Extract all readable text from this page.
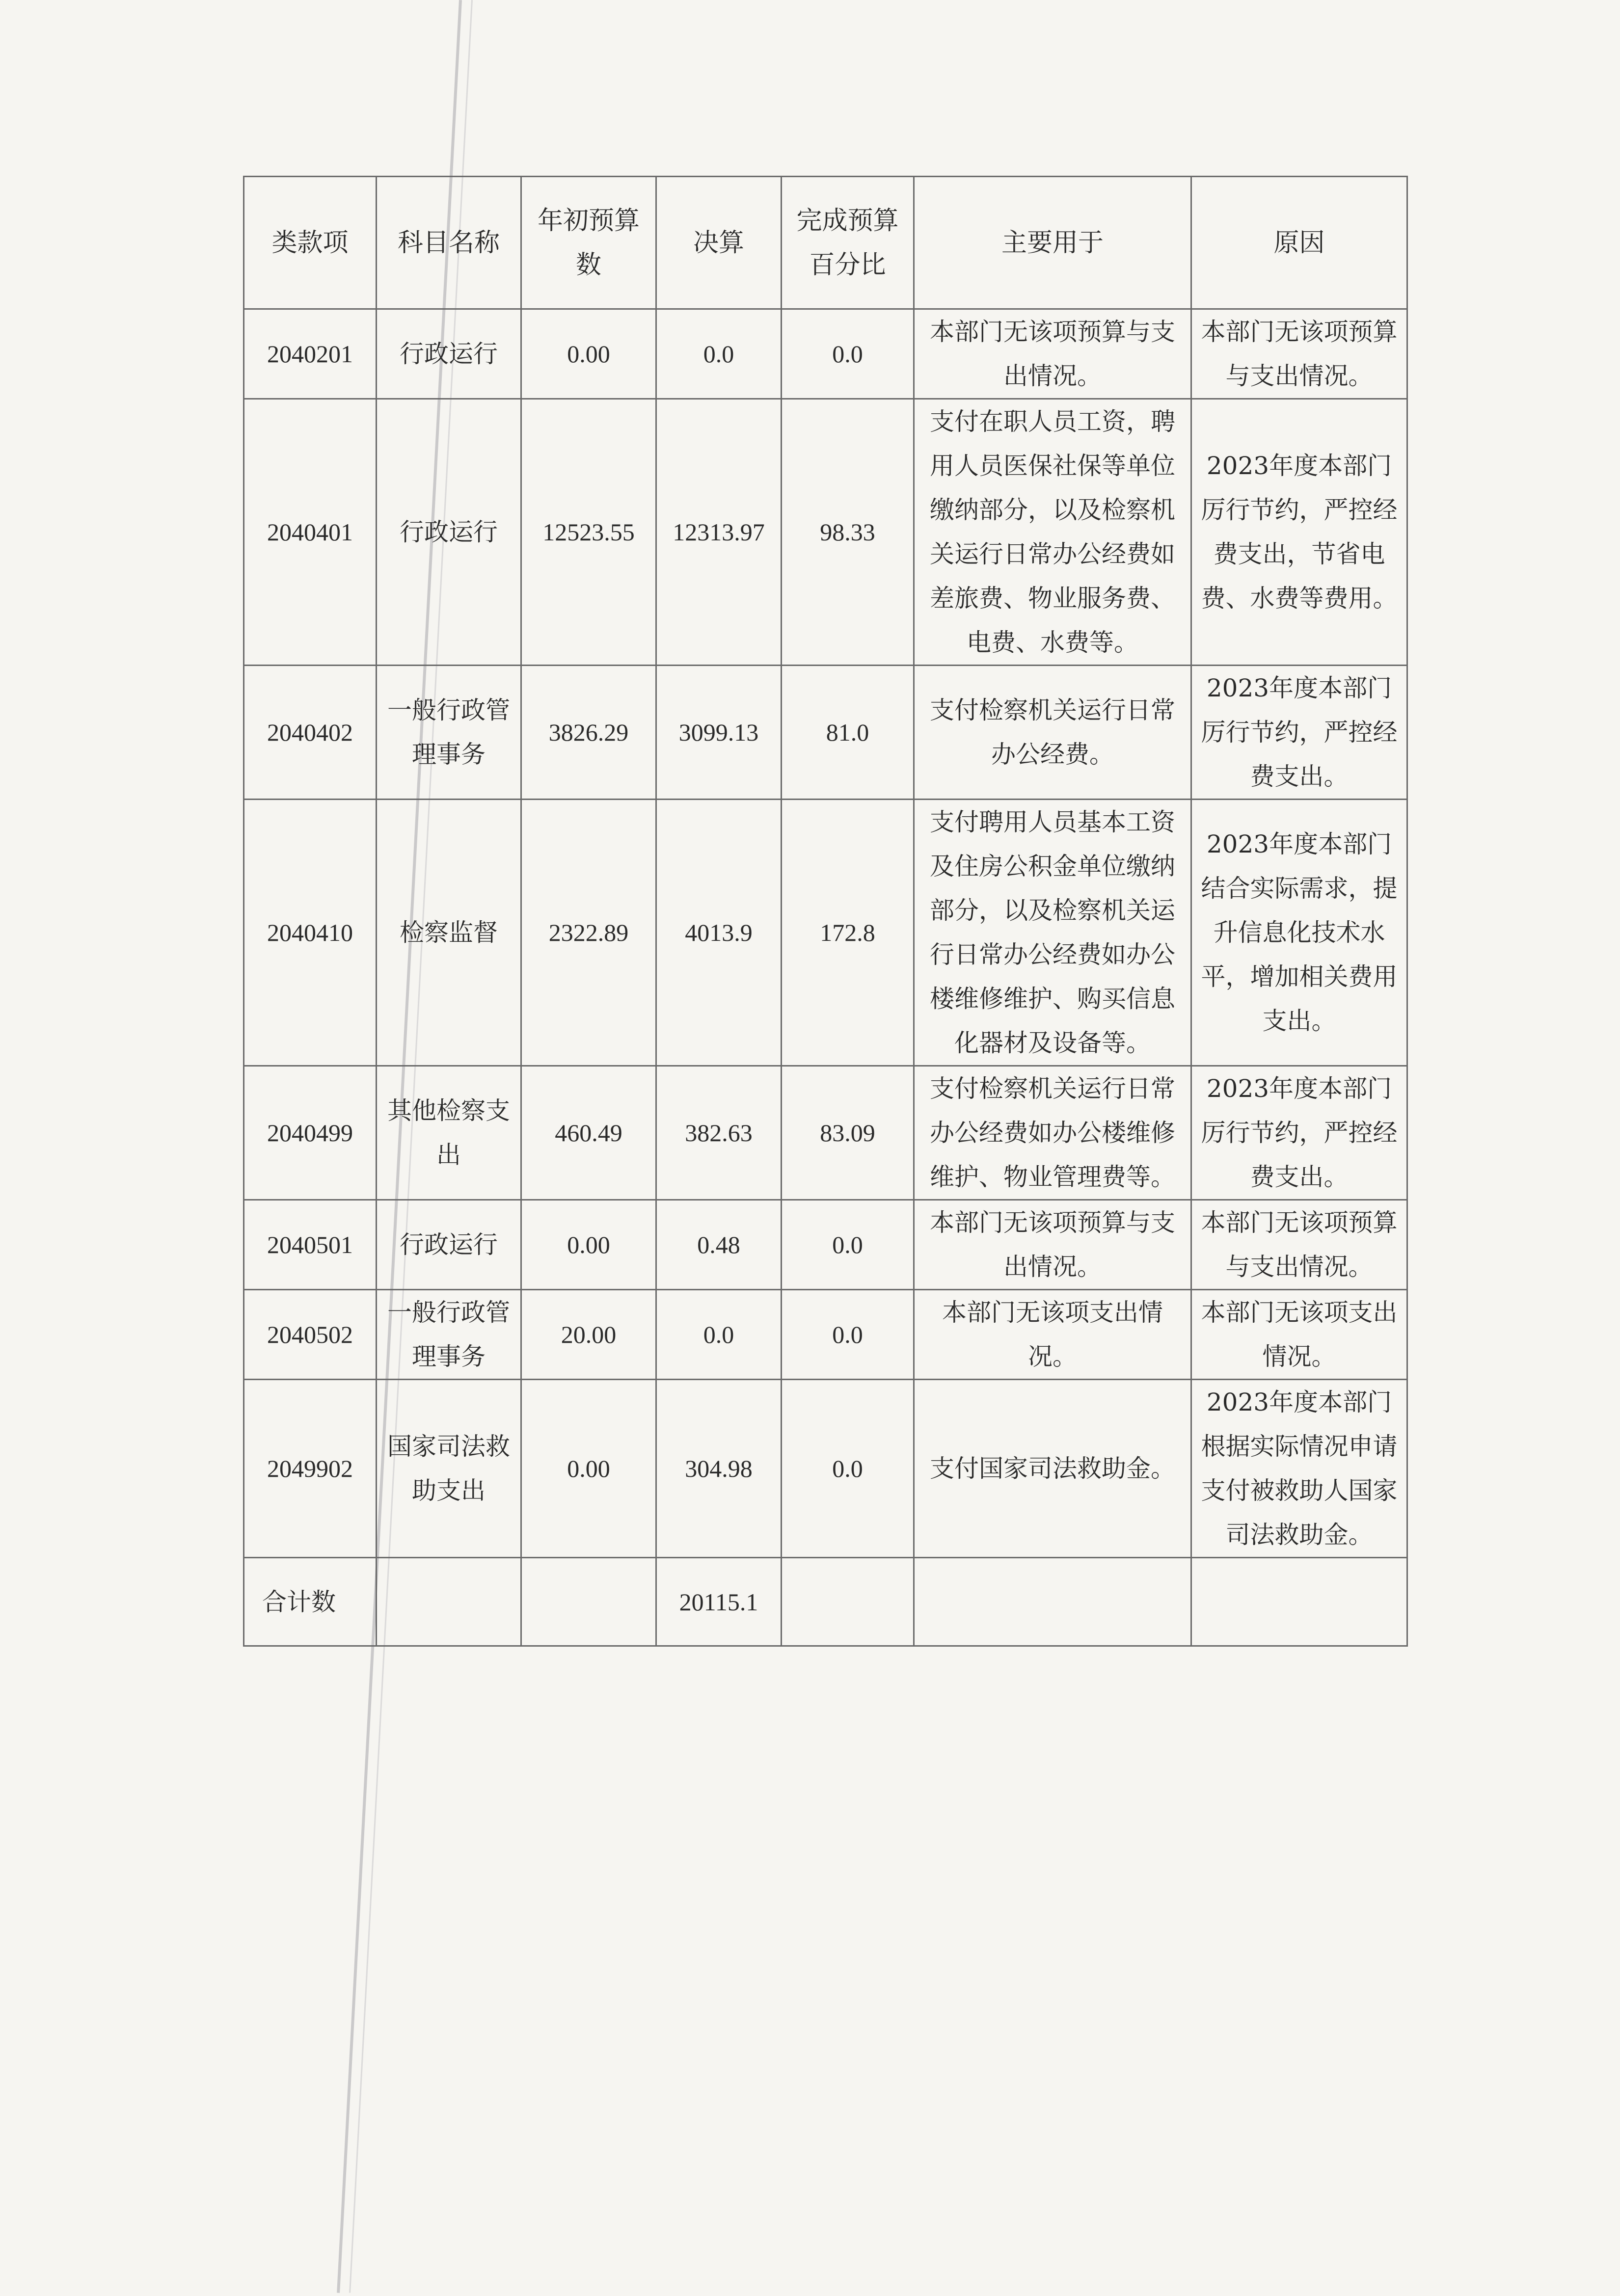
类款项	科目名称	年初预算数	决算	完成预算百分比	主要用于	原因
2040201	行政运行	0.00	0.0	0.0	本部门无该项预算与支出情况。	本部门无该项预算与支出情况。
2040401	行政运行	12523.55	12313.97	98.33	支付在职人员工资，聘用人员医保社保等单位缴纳部分，以及检察机关运行日常办公经费如差旅费、物业服务费、电费、水费等。	2023年度本部门厉行节约，严控经费支出，节省电费、水费等费用。
2040402	一般行政管理事务	3826.29	3099.13	81.0	支付检察机关运行日常办公经费。	2023年度本部门厉行节约，严控经费支出。
2040410	检察监督	2322.89	4013.9	172.8	支付聘用人员基本工资及住房公积金单位缴纳部分，以及检察机关运行日常办公经费如办公楼维修维护、购买信息化器材及设备等。	2023年度本部门结合实际需求，提升信息化技术水平，增加相关费用支出。
2040499	其他检察支出	460.49	382.63	83.09	支付检察机关运行日常办公经费如办公楼维修维护、物业管理费等。	2023年度本部门厉行节约，严控经费支出。
2040501	行政运行	0.00	0.48	0.0	本部门无该项预算与支出情况。	本部门无该项预算与支出情况。
2040502	一般行政管理事务	20.00	0.0	0.0	本部门无该项支出情况。	本部门无该项支出情况。
2049902	国家司法救助支出	0.00	304.98	0.0	支付国家司法救助金。	2023年度本部门根据实际情况申请支付被救助人国家司法救助金。
合计数			20115.1			
